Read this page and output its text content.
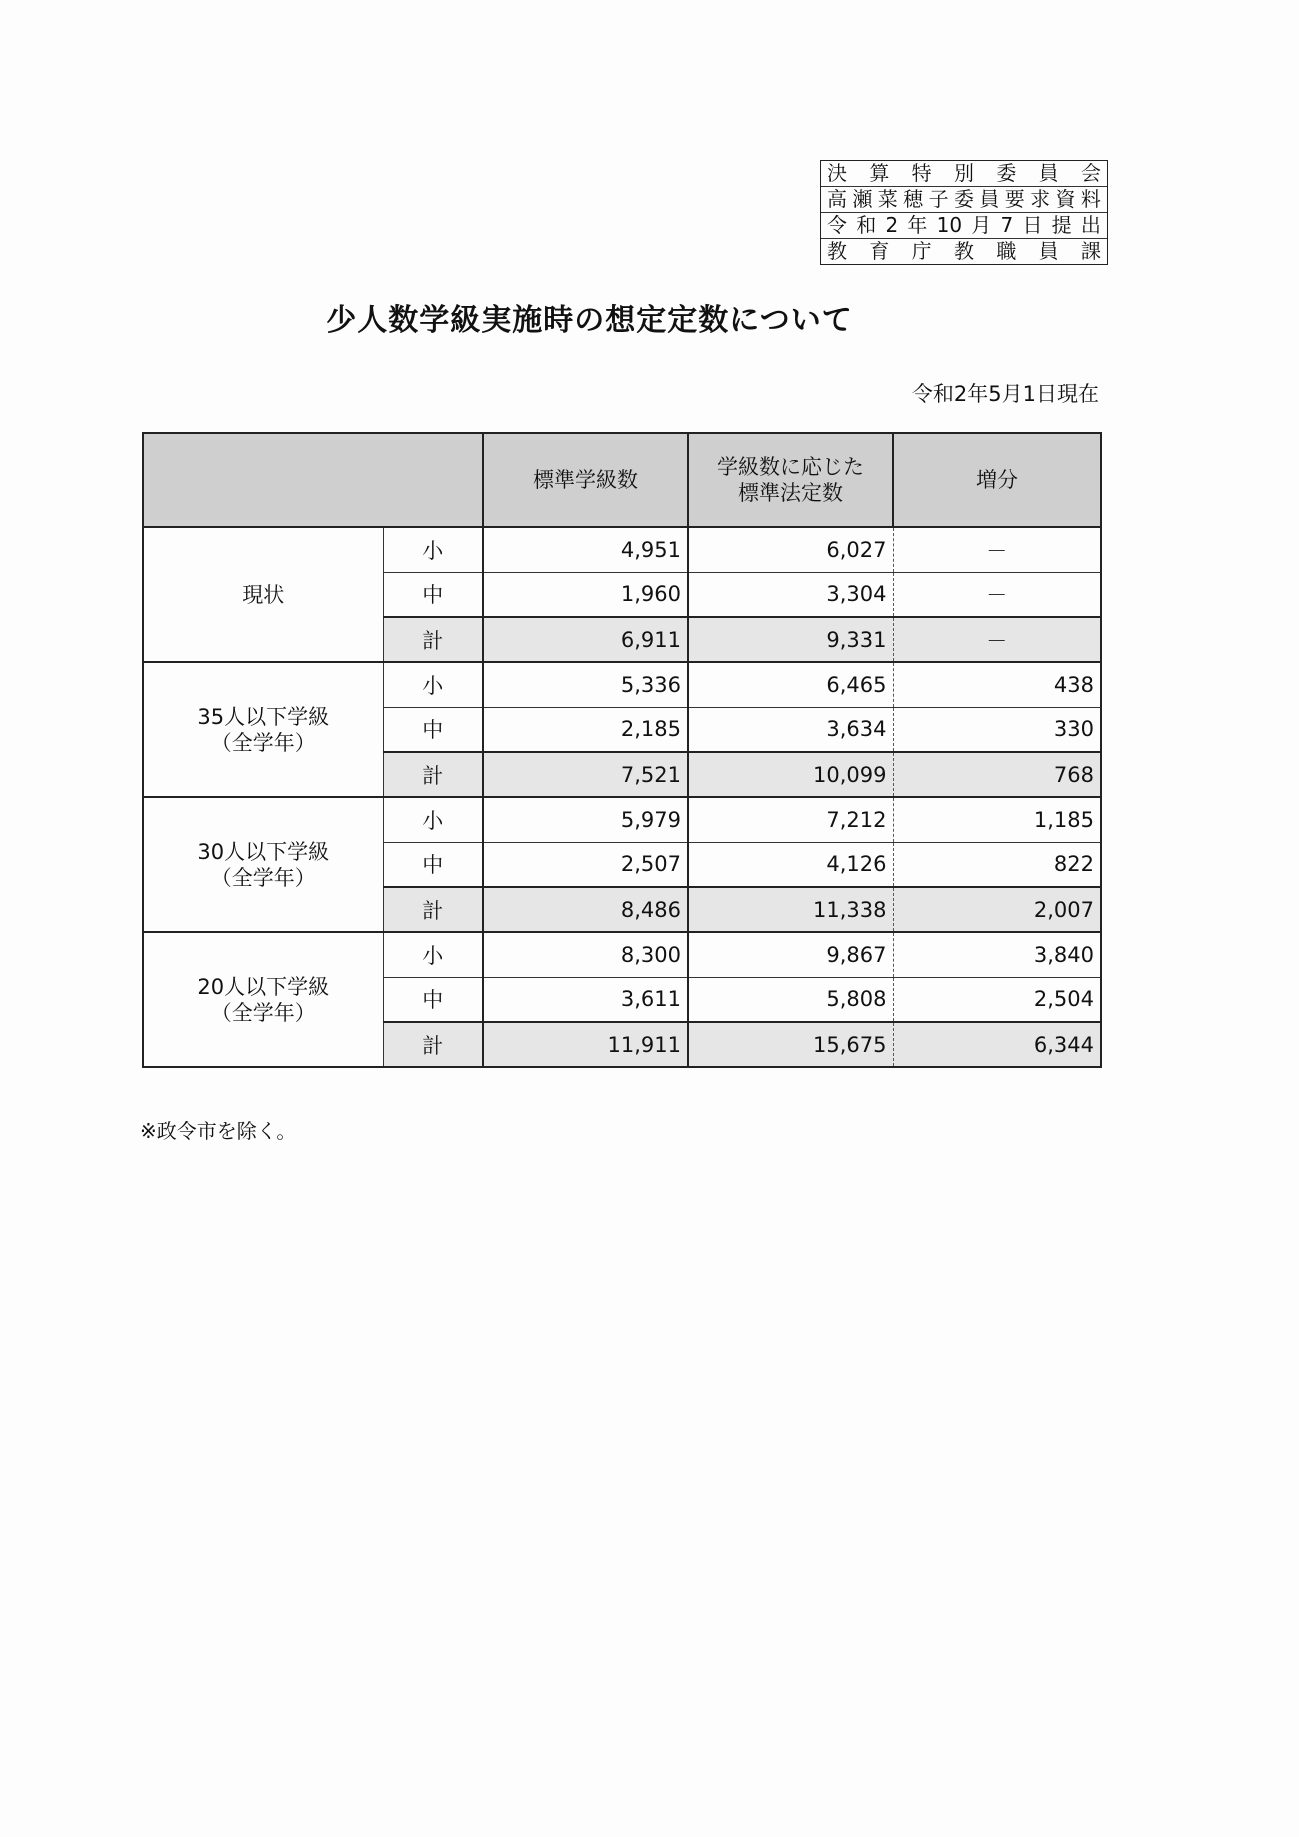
決 算 特 別 委 員 会
高 瀬 菜 穂 子 委 員 要 求 資 料
令 和 2 年 10 月 7 日 提 出
教 育 庁 教 職 員 課
少人数学級実施時の想定定数について
令和2年5月1日現在
		標準学級数	学級数に応じた
標準法定数	増分
現状	小	4,951	6,027	－
	中	1,960	3,304	－
	計	6,911	9,331	－
35人以下学級
（全学年）	小	5,336	6,465	438
	中	2,185	3,634	330
	計	7,521	10,099	768
30人以下学級
（全学年）	小	5,979	7,212	1,185
	中	2,507	4,126	822
	計	8,486	11,338	2,007
20人以下学級
（全学年）	小	8,300	9,867	3,840
	中	3,611	5,808	2,504
	計	11,911	15,675	6,344
※政令市を除く。
